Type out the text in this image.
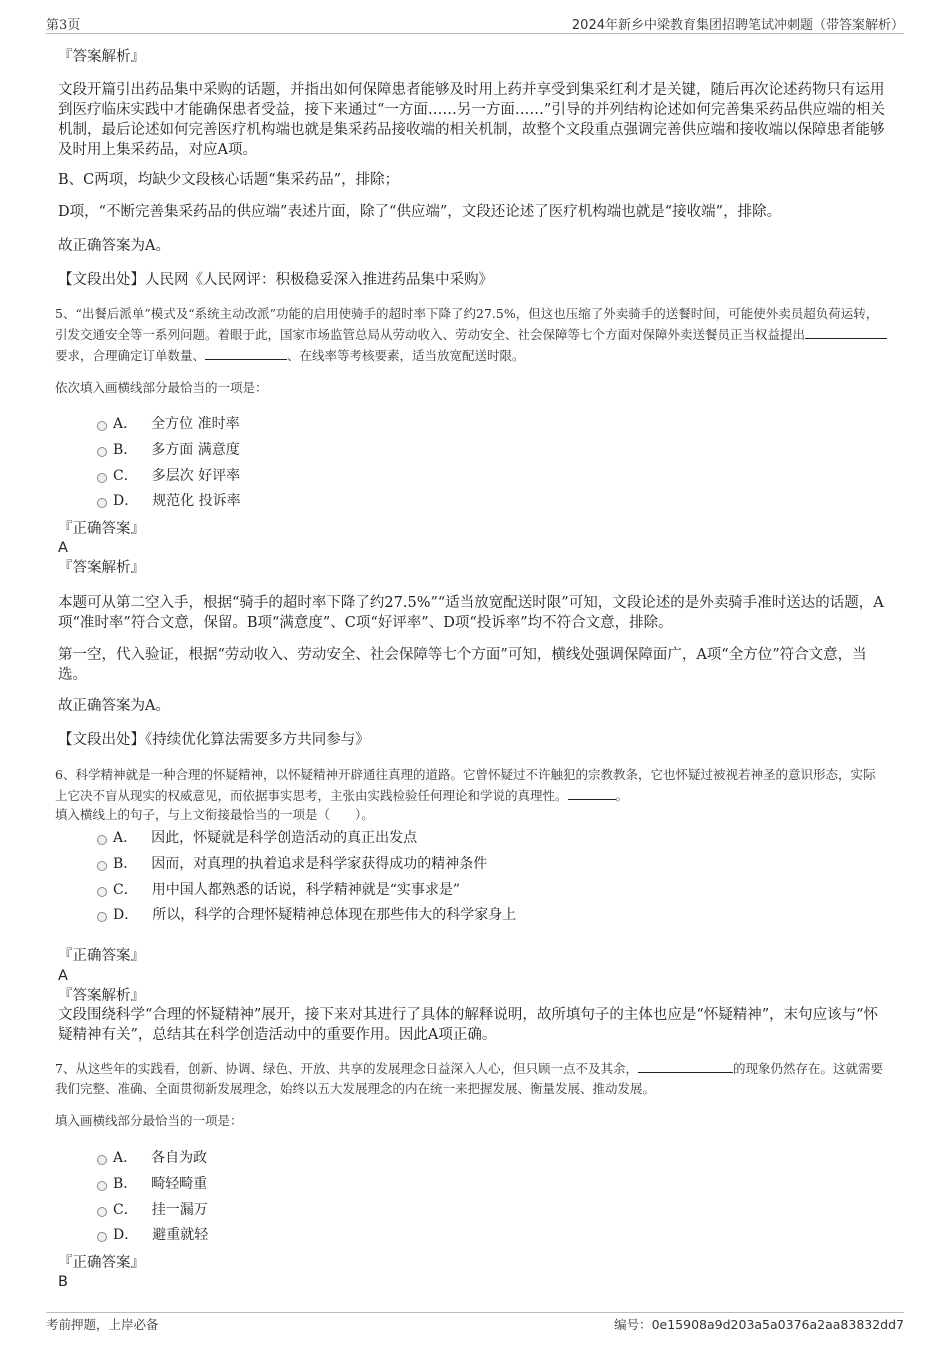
第3页	2024年新乡中梁教育集团招聘笔试冲刺题（带答案解析）
『答案解析』
文段开篇引出药品集中采购的话题，并指出如何保障患者能够及时用上药并享受到集采红利才是关键，随后再次论述药物只有运用到医疗临床实践中才能确保患者受益，接下来通过“一方面……另一方面……”引导的并列结构论述如何完善集采药品供应端的相关机制，最后论述如何完善医疗机构端也就是集采药品接收端的相关机制，故整个文段重点强调完善供应端和接收端以保障患者能够及时用上集采药品，对应A项。
B、C两项，均缺少文段核心话题“集采药品”，排除；
D项，“不断完善集采药品的供应端”表述片面，除了“供应端”，文段还论述了医疗机构端也就是“接收端”，排除。
故正确答案为A。
【文段出处】人民网《人民网评：积极稳妥深入推进药品集中采购》
5、“出餐后派单”模式及“系统主动改派”功能的启用使骑手的超时率下降了约27.5%，但这也压缩了外卖骑手的送餐时间，可能使外卖员超负荷运转，引发交通安全等一系列问题。着眼于此，国家市场监管总局从劳动收入、劳动安全、社会保障等七个方面对保障外卖送餐员正当权益提出要求，合理确定订单数量、	、在线率等考核要素，适当放宽配送时限。
依次填入画横线部分最恰当的一项是：
A． 全方位 准时率
B． 多方面 满意度
C． 多层次 好评率
D． 规范化 投诉率
『正确答案』
A
『答案解析』
本题可从第二空入手，根据“骑手的超时率下降了约27.5%”“适当放宽配送时限”可知，文段论述的是外卖骑手准时送达的话题，A项“准时率”符合文意，保留。B项“满意度”、C项“好评率”、D项“投诉率”均不符合文意，排除。
第一空，代入验证，根据“劳动收入、劳动安全、社会保障等七个方面”可知，横线处强调保障面广，A项“全方位”符合文意，当选。
故正确答案为A。
【文段出处】《持续优化算法需要多方共同参与》
6、科学精神就是一种合理的怀疑精神，以怀疑精神开辟通往真理的道路。它曾怀疑过不许触犯的宗教教条，它也怀疑过被视若神圣的意识形态，实际上它决不盲从现实的权威意见，而依据事实思考，主张由实践检验任何理论和学说的真理性。	。
填入横线上的句子，与上文衔接最恰当的一项是（　　）。
A． 因此，怀疑就是科学创造活动的真正出发点
B． 因而，对真理的执着追求是科学家获得成功的精神条件
C． 用中国人都熟悉的话说，科学精神就是“实事求是”
D． 所以，科学的合理怀疑精神总体现在那些伟大的科学家身上
『正确答案』
A
『答案解析』
文段围绕科学“合理的怀疑精神”展开，接下来对其进行了具体的解释说明，故所填句子的主体也应是“怀疑精神”，末句应该与“怀疑精神有关”，总结其在科学创造活动中的重要作用。因此A项正确。
7、从这些年的实践看，创新、协调、绿色、开放、共享的发展理念日益深入人心，但只顾一点不及其余，	的现象仍然存在。这就需要我们完整、准确、全面贯彻新发展理念，始终以五大发展理念的内在统一来把握发展、衡量发展、推动发展。
填入画横线部分最恰当的一项是：
A． 各自为政
B． 畸轻畸重
C． 挂一漏万
D． 避重就轻
『正确答案』
B
考前押题，上岸必备	编号：0e15908a9d203a5a0376a2aa83832dd7
